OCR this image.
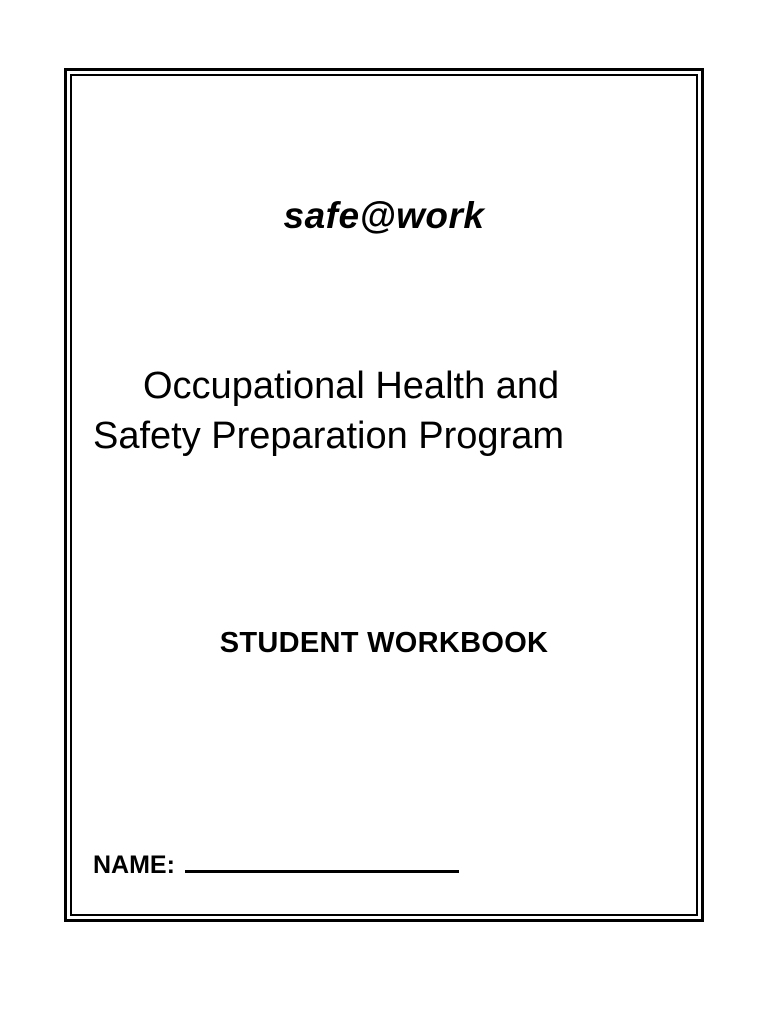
safe@work
Occupational Health and
Safety Preparation Program
STUDENT WORKBOOK
NAME:
